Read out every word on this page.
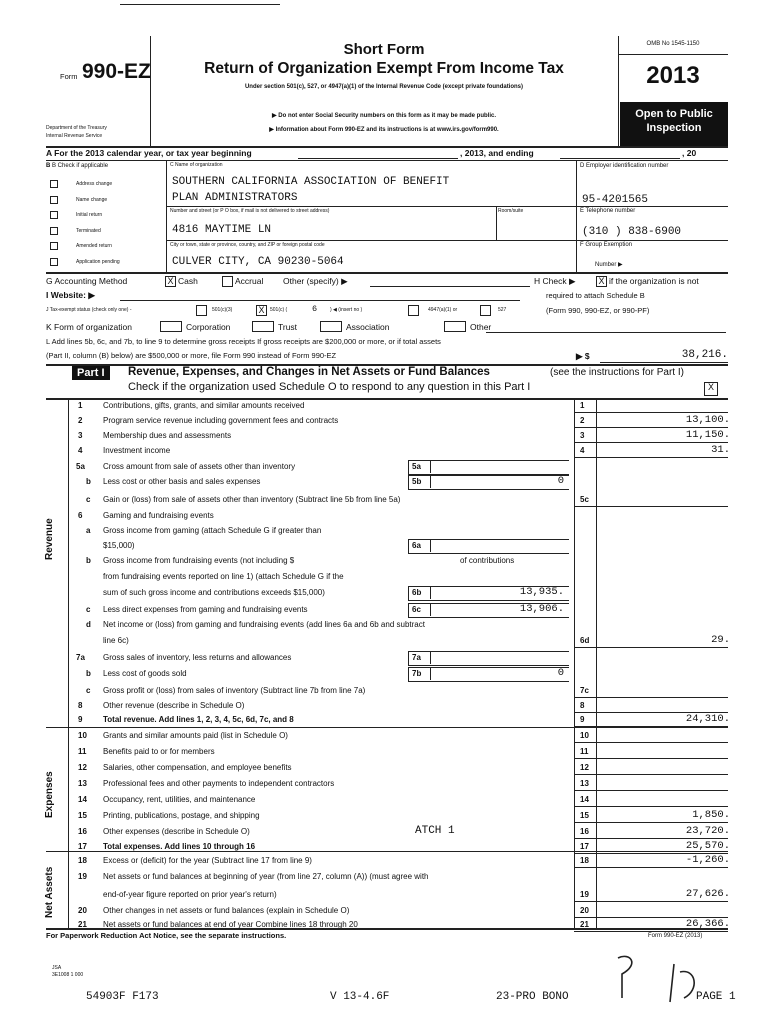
Form 990-EZ
Department of the Treasury
Internal Revenue Service
Short Form
Return of Organization Exempt From Income Tax
Under section 501(c), 527, or 4947(a)(1) of the Internal Revenue Code (except private foundations)
▶ Do not enter Social Security numbers on this form as it may be made public.
▶ Information about Form 990-EZ and its instructions is at www.irs.gov/form990.
OMB No 1545-1150
2013
Open to Public
Inspection
A For the 2013 calendar year, or tax year beginning	, 2013, and ending	, 20
B B Check if applicable
Address change
Name change
Initial return
Terminated
Amended return
Application pending
C Name of organization
SOUTHERN CALIFORNIA ASSOCIATION OF BENEFIT
PLAN ADMINISTRATORS
Number and street (or P O box, if mail is not delivered to street address)	Room/suite
4816 MAYTIME LN
City or town, state or province, country, and ZIP or foreign postal code
CULVER CITY, CA 90230-5064
D Employer identification number
95-4201565
E Telephone number
(310 ) 838-6900
F Group Exemption
Number ▶
G Accounting Method	X Cash	Accrual Other (specify) ▶	H Check ▶	X if the organization is not
I Website: ▶	required to attach Schedule B
J Tax-exempt status (check only one) -	501(c)(3)	X	501(c) (	6	) ◀ (insert no )	4947(a)(1) or	527	(Form 990, 990-EZ, or 990-PF)
K Form of organization	Corporation	Trust	Association	Other
L Add lines 5b, 6c, and 7b, to line 9 to determine gross receipts If gross receipts are $200,000 or more, or if total assets
(Part II, column (B) below) are $500,000 or more, file Form 990 instead of Form 990-EZ	▶ $	38,216.
Part I	Revenue, Expenses, and Changes in Net Assets or Fund Balances	(see the instructions for Part I)
Check if the organization used Schedule O to respond to any question in this Part I	X
Revenue
Expenses
Net Assets
1	Contributions, gifts, grants, and similar amounts received	1
2	Program service revenue including government fees and contracts	2	13,100.
3	Membership dues and assessments	3	11,150.
4	Investment income	4	31.
5a Cross amount from sale of assets other than inventory	5a
b Less cost or other basis and sales expenses	5b	0
c Gain or (loss) from sale of assets other than inventory (Subtract line 5b from line 5a)	5c
6	Gaming and fundraising events
a Gross income from gaming (attach Schedule G if greater than
$15,000)	6a
b Gross income from fundraising events (not including $	of contributions
from fundraising events reported on line 1) (attach Schedule G if the
sum of such gross income and contributions exceeds $15,000)	6b	13,935.
c Less direct expenses from gaming and fundraising events	6c	13,906.
d Net income or (loss) from gaming and fundraising events (add lines 6a and 6b and subtract
line 6c)	6d	29.
7a Gross sales of inventory, less returns and allowances	7a
b Less cost of goods sold	7b	0
c Gross profit or (loss) from sales of inventory (Subtract line 7b from line 7a)	7c
8	Other revenue (describe in Schedule O)	8
9	Total revenue. Add lines 1, 2, 3, 4, 5c, 6d, 7c, and 8	9	24,310.
10 Grants and similar amounts paid (list in Schedule O)	10
11 Benefits paid to or for members	11
12 Salaries, other compensation, and employee benefits	12
13 Professional fees and other payments to independent contractors	13
14 Occupancy, rent, utilities, and maintenance	14
15 Printing, publications, postage, and shipping	15	1,850.
16 Other expenses (describe in Schedule O)	ATCH 1	16	23,720.
17 Total expenses. Add lines 10 through 16	17	25,570.
18 Excess or (deficit) for the year (Subtract line 17 from line 9)	18	-1,260.
19 Net assets or fund balances at beginning of year (from line 27, column (A)) (must agree with
end-of-year figure reported on prior year's return)	19	27,626.
20 Other changes in net assets or fund balances (explain in Schedule O)	20
21 Net assets or fund balances at end of year Combine lines 18 through 20	21	26,366.
For Paperwork Reduction Act Notice, see the separate instructions.	Form 990-EZ (2013)
JSA
3E1008 1 000
54903F F173	V 13-4.6F	23-PRO BONO	PAGE 1
